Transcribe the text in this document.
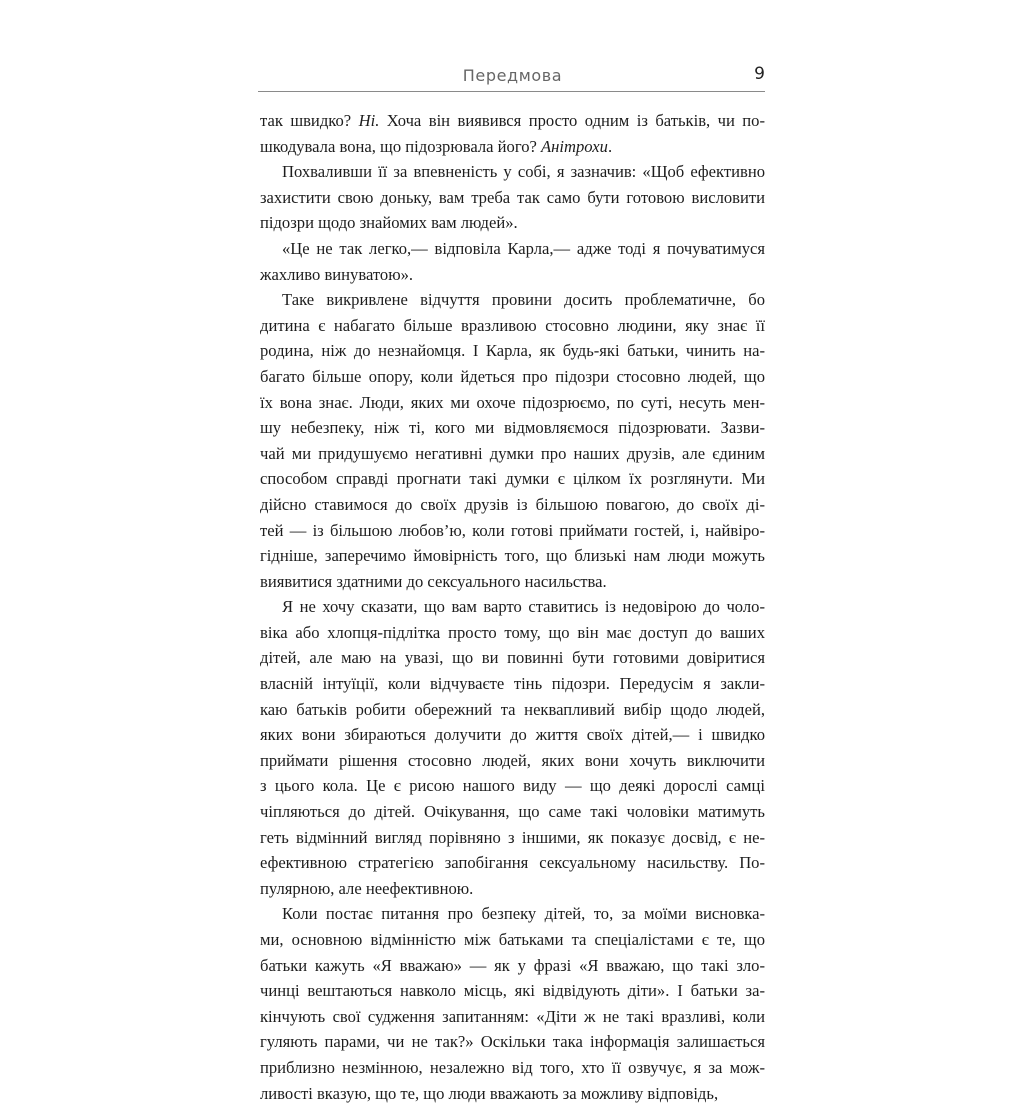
Передмова	9
так швидко? Ні. Хоча він виявився просто одним із батьків, чи по-
шкодувала вона, що підозрювала його? Анітрохи.
Похваливши її за впевненість у собі, я зазначив: «Щоб ефективно
захистити свою доньку, вам треба так само бути готовою висловити
підозри щодо знайомих вам людей».
«Це не так легко,— відповіла Карла,— адже тоді я почуватимуся
жахливо винуватою».
Таке викривлене відчуття провини досить проблематичне, бо
дитина є набагато більше вразливою стосовно людини, яку знає її
родина, ніж до незнайомця. І Карла, як будь-які батьки, чинить на-
багато більше опору, коли йдеться про підозри стосовно людей, що
їх вона знає. Люди, яких ми охоче підозрюємо, по суті, несуть мен-
шу небезпеку, ніж ті, кого ми відмовляємося підозрювати. Зазви-
чай ми придушуємо негативні думки про наших друзів, але єдиним
способом справді прогнати такі думки є цілком їх розглянути. Ми
дійсно ставимося до своїх друзів із більшою повагою, до своїх ді-
тей — із більшою любов’ю, коли готові приймати гостей, і, найвіро-
гідніше, заперечимо ймовірність того, що близькі нам люди можуть
виявитися здатними до сексуального насильства.
Я не хочу сказати, що вам варто ставитись із недовірою до чоло-
віка або хлопця-підлітка просто тому, що він має доступ до ваших
дітей, але маю на увазі, що ви повинні бути готовими довіритися
власній інтуїції, коли відчуваєте тінь підозри. Передусім я закли-
каю батьків робити обережний та неквапливий вибір щодо людей,
яких вони збираються долучити до життя своїх дітей,— і швидко
приймати рішення стосовно людей, яких вони хочуть виключити
з цього кола. Це є рисою нашого виду — що деякі дорослі самці
чіпляються до дітей. Очікування, що саме такі чоловіки матимуть
геть відмінний вигляд порівняно з іншими, як показує досвід, є не-
ефективною стратегією запобігання сексуальному насильству. По-
пулярною, але неефективною.
Коли постає питання про безпеку дітей, то, за моїми висновка-
ми, основною відмінністю між батьками та спеціалістами є те, що
батьки кажуть «Я вважаю» — як у фразі «Я вважаю, що такі зло-
чинці вештаються навколо місць, які відвідують діти». І батьки за-
кінчують свої судження запитанням: «Діти ж не такі вразливі, коли
гуляють парами, чи не так?» Оскільки така інформація залишається
приблизно незмінною, незалежно від того, хто її озвучує, я за мож-
ливості вказую, що те, що люди вважають за можливу відповідь,
